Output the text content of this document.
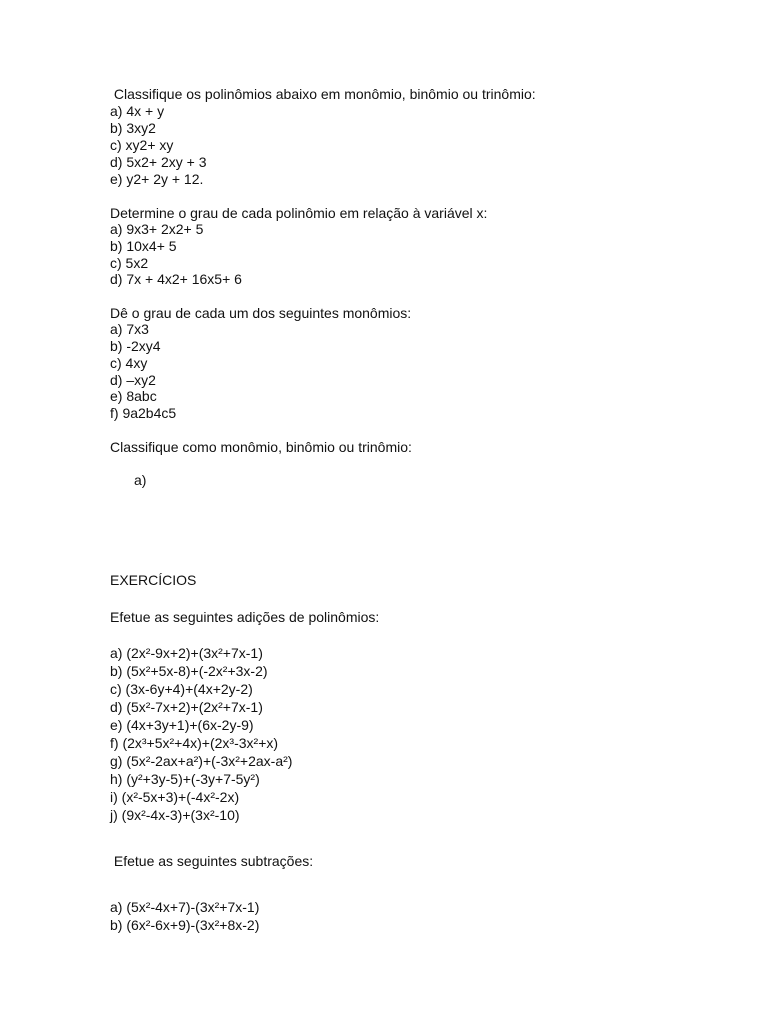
Classifique os polinômios abaixo em monômio, binômio ou trinômio:
a) 4x + y
b) 3xy2
c) xy2+ xy
d) 5x2+ 2xy + 3
e) y2+ 2y + 12.
Determine o grau de cada polinômio em relação à variável x:
a) 9x3+ 2x2+ 5
b) 10x4+ 5
c) 5x2
d) 7x + 4x2+ 16x5+ 6
Dê o grau de cada um dos seguintes monômios:
a) 7x3
b) -2xy4
c) 4xy
d) –xy2
e) 8abc
f) 9a2b4c5
Classifique como monômio, binômio ou trinômio:
a)
EXERCÍCIOS
Efetue as seguintes adições de polinômios:
a) (2x²-9x+2)+(3x²+7x-1)
b) (5x²+5x-8)+(-2x²+3x-2)
c) (3x-6y+4)+(4x+2y-2)
d) (5x²-7x+2)+(2x²+7x-1)
e) (4x+3y+1)+(6x-2y-9)
f) (2x³+5x²+4x)+(2x³-3x²+x)
g) (5x²-2ax+a²)+(-3x²+2ax-a²)
h) (y²+3y-5)+(-3y+7-5y²)
i) (x²-5x+3)+(-4x²-2x)
j) (9x²-4x-3)+(3x²-10)
Efetue as seguintes subtrações:
a) (5x²-4x+7)-(3x²+7x-1)
b) (6x²-6x+9)-(3x²+8x-2)
